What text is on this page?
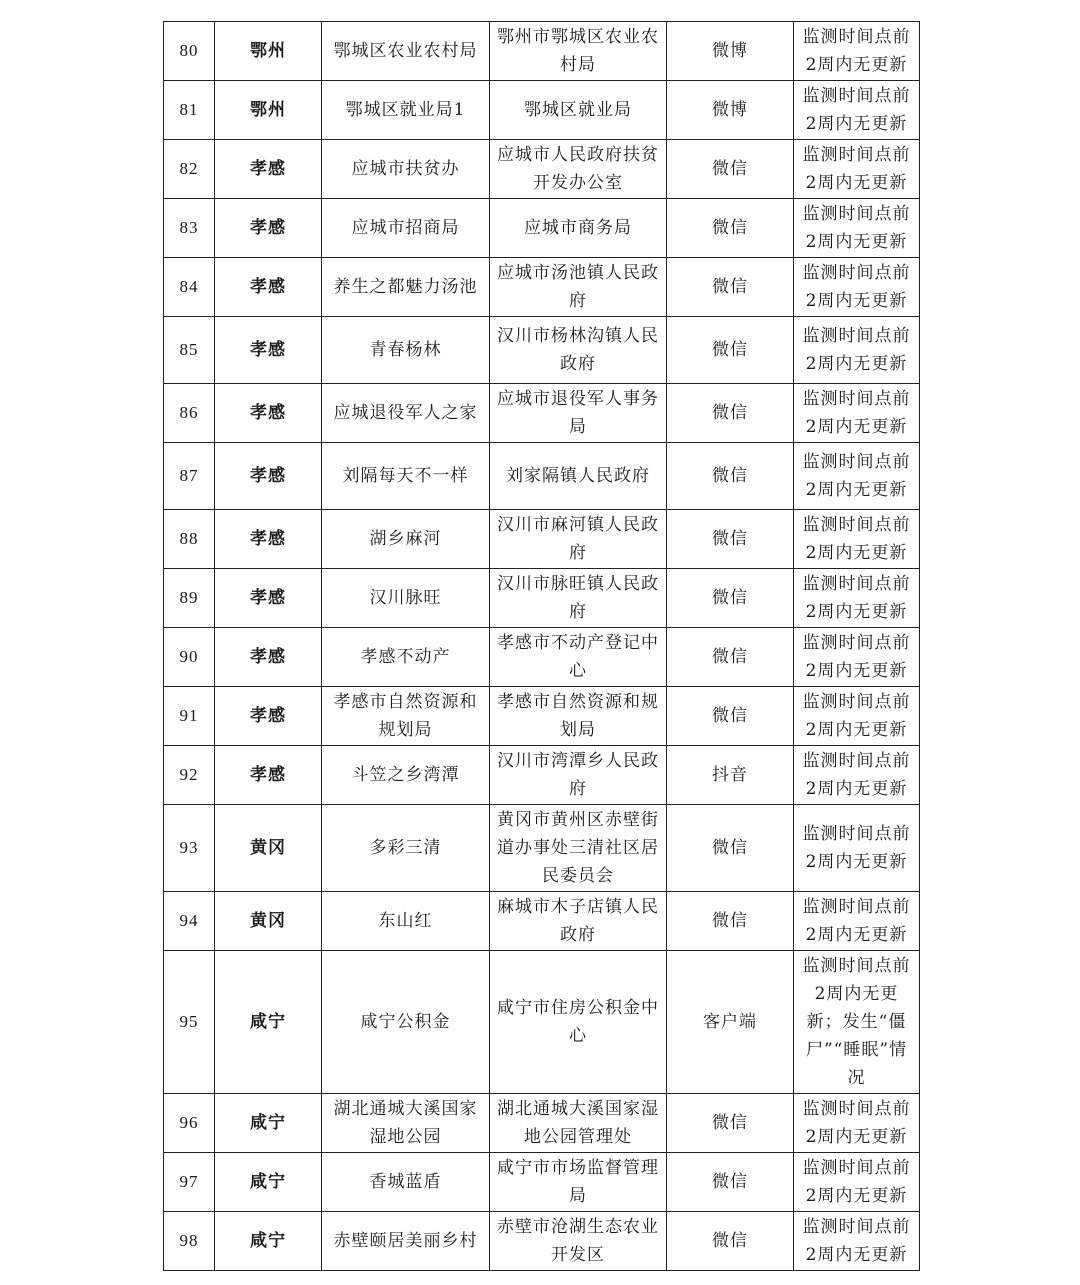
80	鄂州	鄂城区农业农村局	鄂州市鄂城区农业农村局	微博	监测时间点前2周内无更新
81	鄂州	鄂城区就业局1	鄂城区就业局	微博	监测时间点前2周内无更新
82	孝感	应城市扶贫办	应城市人民政府扶贫开发办公室	微信	监测时间点前2周内无更新
83	孝感	应城市招商局	应城市商务局	微信	监测时间点前2周内无更新
84	孝感	养生之都魅力汤池	应城市汤池镇人民政府	微信	监测时间点前2周内无更新
85	孝感	青春杨林	汉川市杨林沟镇人民政府	微信	监测时间点前2周内无更新
86	孝感	应城退役军人之家	应城市退役军人事务局	微信	监测时间点前2周内无更新
87	孝感	刘隔每天不一样	刘家隔镇人民政府	微信	监测时间点前2周内无更新
88	孝感	湖乡麻河	汉川市麻河镇人民政府	微信	监测时间点前2周内无更新
89	孝感	汉川脉旺	汉川市脉旺镇人民政府	微信	监测时间点前2周内无更新
90	孝感	孝感不动产	孝感市不动产登记中心	微信	监测时间点前2周内无更新
91	孝感	孝感市自然资源和规划局	孝感市自然资源和规划局	微信	监测时间点前2周内无更新
92	孝感	斗笠之乡湾潭	汉川市湾潭乡人民政府	抖音	监测时间点前2周内无更新
93	黄冈	多彩三清	黄冈市黄州区赤壁街道办事处三清社区居民委员会	微信	监测时间点前2周内无更新
94	黄冈	东山红	麻城市木子店镇人民政府	微信	监测时间点前2周内无更新
95	咸宁	咸宁公积金	咸宁市住房公积金中心	客户端	监测时间点前2周内无更新；发生“僵尸”“睡眠”情况
96	咸宁	湖北通城大溪国家湿地公园	湖北通城大溪国家湿地公园管理处	微信	监测时间点前2周内无更新
97	咸宁	香城蓝盾	咸宁市市场监督管理局	微信	监测时间点前2周内无更新
98	咸宁	赤壁颐居美丽乡村	赤壁市沧湖生态农业开发区	微信	监测时间点前2周内无更新
